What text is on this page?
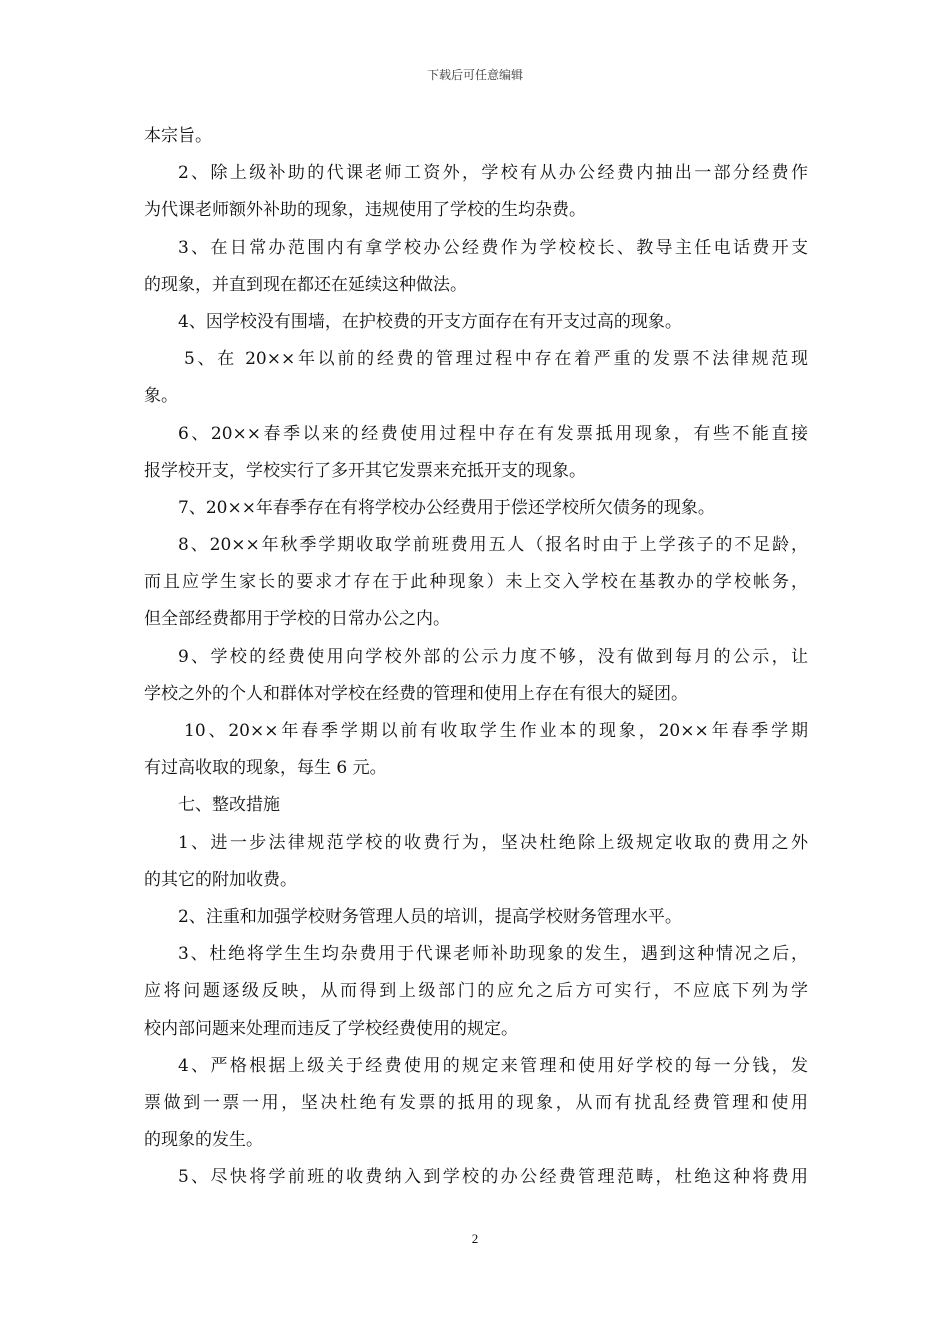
下载后可任意编辑
本宗旨。
2、除上级补助的代课老师工资外，学校有从办公经费内抽出一部分经费作
为代课老师额外补助的现象，违规使用了学校的生均杂费。
3、在日常办范围内有拿学校办公经费作为学校校长、教导主任电话费开支
的现象，并直到现在都还在延续这种做法。
4、因学校没有围墙，在护校费的开支方面存在有开支过高的现象。
5、在 20××年以前的经费的管理过程中存在着严重的发票不法律规范现
象。
6、20××春季以来的经费使用过程中存在有发票抵用现象，有些不能直接
报学校开支，学校实行了多开其它发票来充抵开支的现象。
7、20××年春季存在有将学校办公经费用于偿还学校所欠债务的现象。
8、20××年秋季学期收取学前班费用五人（报名时由于上学孩子的不足龄，
而且应学生家长的要求才存在于此种现象）未上交入学校在基教办的学校帐务，
但全部经费都用于学校的日常办公之内。
9、学校的经费使用向学校外部的公示力度不够，没有做到每月的公示，让
学校之外的个人和群体对学校在经费的管理和使用上存在有很大的疑团。
10、20××年春季学期以前有收取学生作业本的现象，20××年春季学期
有过高收取的现象，每生 6 元。
七、整改措施
1、进一步法律规范学校的收费行为，坚决杜绝除上级规定收取的费用之外
的其它的附加收费。
2、注重和加强学校财务管理人员的培训，提高学校财务管理水平。
3、杜绝将学生生均杂费用于代课老师补助现象的发生，遇到这种情况之后，
应将问题逐级反映，从而得到上级部门的应允之后方可实行，不应底下列为学
校内部问题来处理而违反了学校经费使用的规定。
4、严格根据上级关于经费使用的规定来管理和使用好学校的每一分钱，发
票做到一票一用，坚决杜绝有发票的抵用的现象，从而有扰乱经费管理和使用
的现象的发生。
5、尽快将学前班的收费纳入到学校的办公经费管理范畴，杜绝这种将费用
2
